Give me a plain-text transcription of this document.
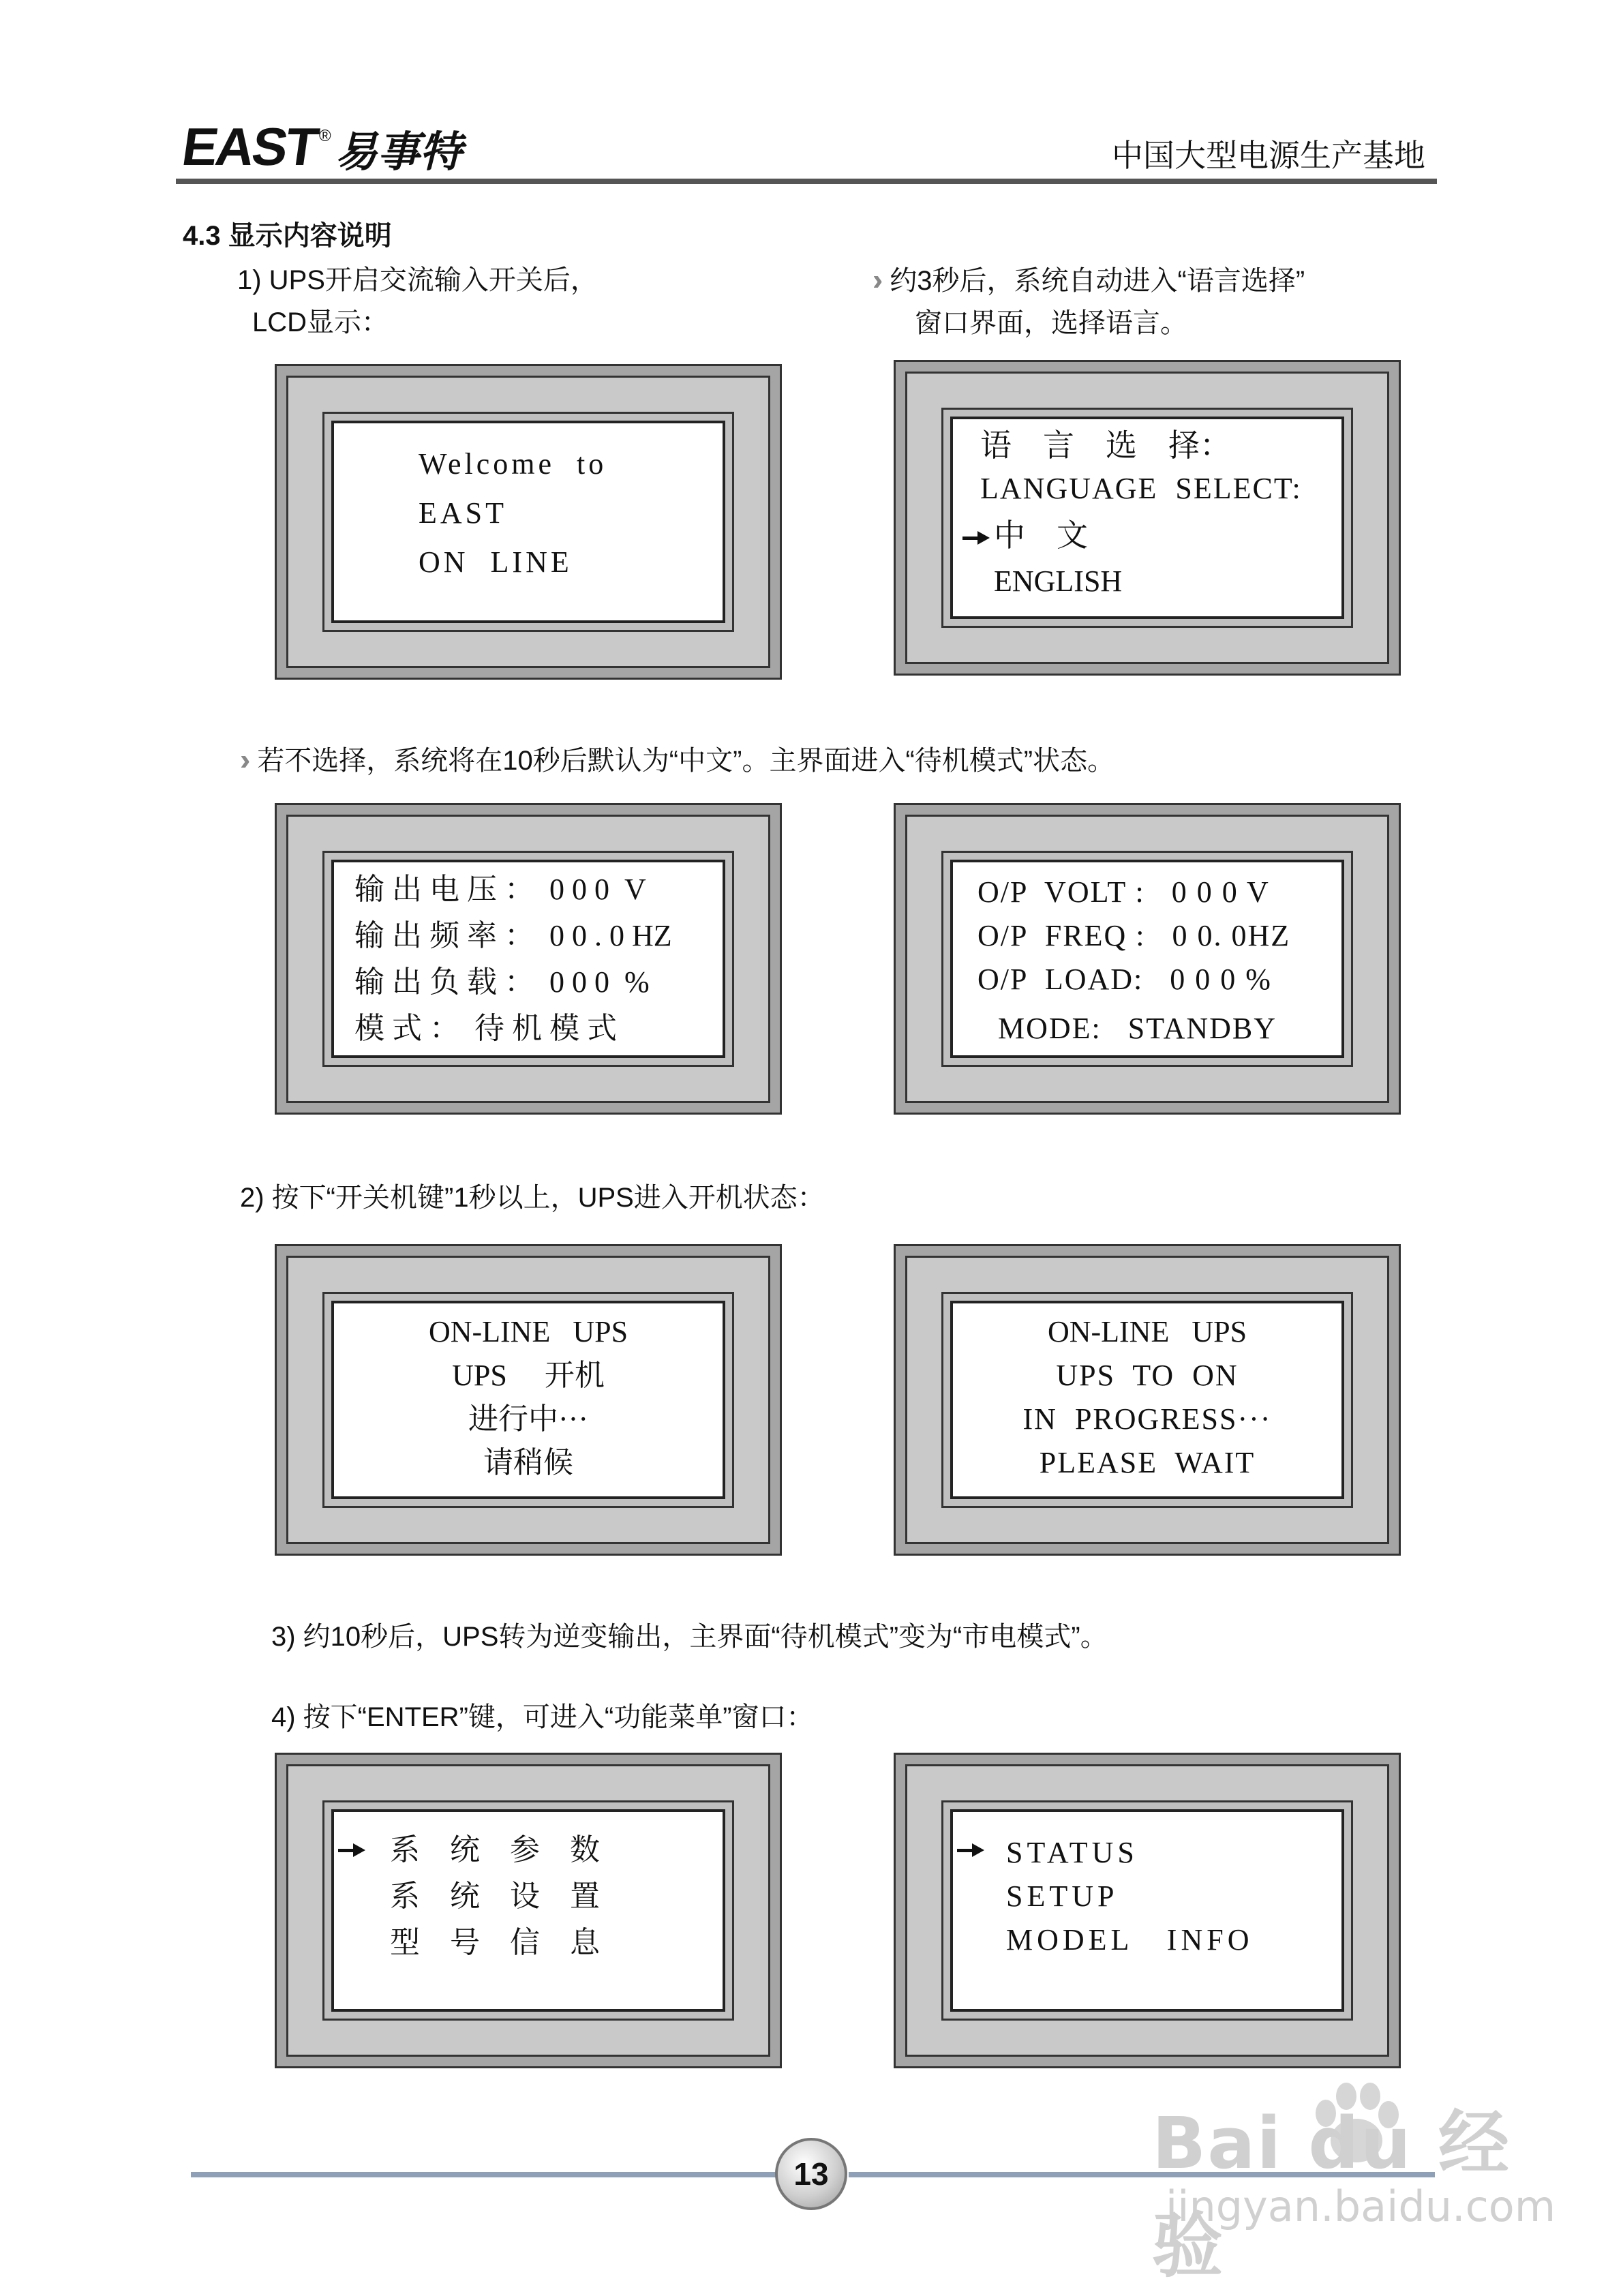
EAST
® 易事特	中国大型电源生产基地
4.3 显示内容说明
1) UPS开启交流输入开关后，
LCD显示：
›› 约3秒后，系统自动进入“语言选择”
窗口界面，选择语言。
Welcome  to
EAST
ON  LINE
语　言　选　择：
LANGUAGE  SELECT:
中　文
ENGLISH
›› 若不选择，系统将在10秒后默认为“中文”。主界面进入“待机模式”状态。
输 出 电 压 ：  0 0 0  V
输 出 频 率 ：  0 0 . 0 HZ
输 出 负 载 ：  0 0 0  %
模 式 ：  待 机 模 式
O/P  VOLT :   0 0 0 V
O/P  FREQ :   0 0. 0HZ
O/P  LOAD:   0 0 0 %
MODE:   STANDBY
2) 按下“开关机键”1秒以上，UPS进入开机状态：
ON-LINE   UPS
UPS     开机
进行中···
请稍候
ON-LINE   UPS
UPS  TO  ON
IN  PROGRESS···
PLEASE  WAIT
3) 约10秒后，UPS转为逆变输出，主界面“待机模式”变为“市电模式”。
4) 按下“ENTER”键，可进入“功能菜单”窗口：
系　统　参　数
系　统　设　置
型　号　信　息
STATUS
SETUP
MODEL   INFO
13	Bai du 经验
jingyan.baidu.com
